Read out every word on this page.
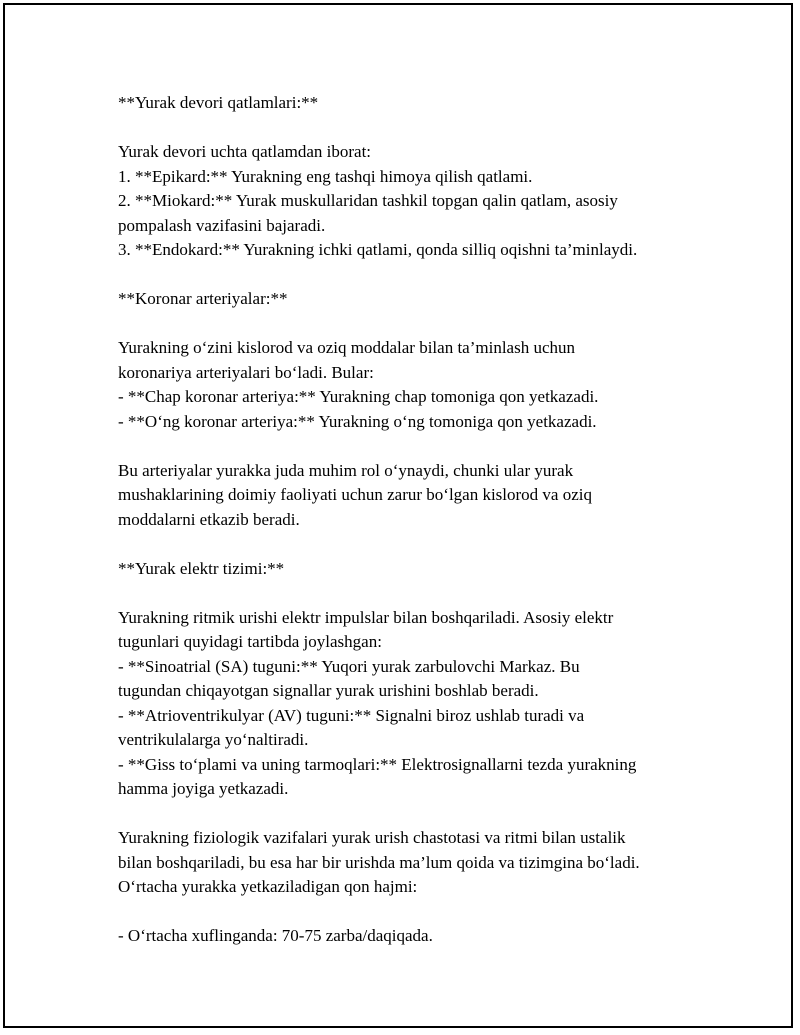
**Yurak devori qatlamlari:**
Yurak devori uchta qatlamdan iborat:
1. **Epikard:** Yurakning eng tashqi himoya qilish qatlami.
2. **Miokard:** Yurak muskullaridan tashkil topgan qalin qatlam, asosiy
pompalash vazifasini bajaradi.
3. **Endokard:** Yurakning ichki qatlami, qonda silliq oqishni ta’minlaydi.
**Koronar arteriyalar:**
Yurakning o‘zini kislorod va oziq moddalar bilan ta’minlash uchun
koronariya arteriyalari bo‘ladi. Bular:
- **Chap koronar arteriya:** Yurakning chap tomoniga qon yetkazadi.
- **O‘ng koronar arteriya:** Yurakning o‘ng tomoniga qon yetkazadi.
Bu arteriyalar yurakka juda muhim rol o‘ynaydi, chunki ular yurak
mushaklarining doimiy faoliyati uchun zarur bo‘lgan kislorod va oziq
moddalarni etkazib beradi.
**Yurak elektr tizimi:**
Yurakning ritmik urishi elektr impulslar bilan boshqariladi. Asosiy elektr
tugunlari quyidagi tartibda joylashgan:
- **Sinoatrial (SA) tuguni:** Yuqori yurak zarbulovchi Markaz. Bu
tugundan chiqayotgan signallar yurak urishini boshlab beradi.
- **Atrioventrikulyar (AV) tuguni:** Signalni biroz ushlab turadi va
ventrikulalarga yo‘naltiradi.
- **Giss to‘plami va uning tarmoqlari:** Elektrosignallarni tezda yurakning
hamma joyiga yetkazadi.
Yurakning fiziologik vazifalari yurak urish chastotasi va ritmi bilan ustalik
bilan boshqariladi, bu esa har bir urishda ma’lum qoida va tizimgina bo‘ladi.
O‘rtacha yurakka yetkaziladigan qon hajmi:
- O‘rtacha xuflinganda: 70-75 zarba/daqiqada.
